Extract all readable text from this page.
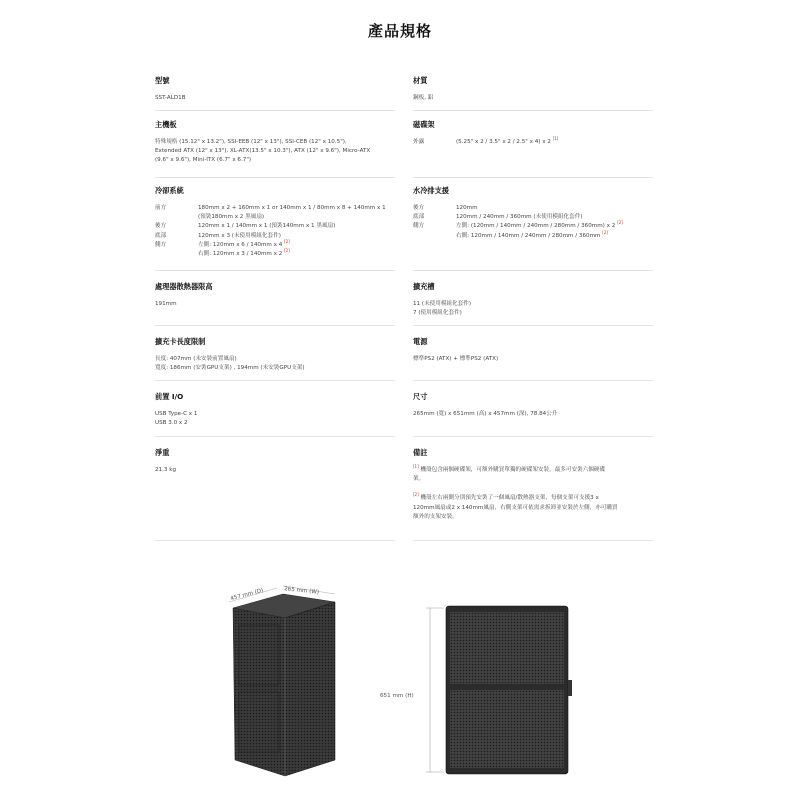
產品規格
型號
SST-ALD1B
主機板
特殊規格 (15.12" x 13.2"), SSI-EEB (12" x 13"), SSI-CEB (12" x 10.5"),
Extended ATX (12" x 13"), XL-ATX(13.5" x 10.3"), ATX (12" x 9.6"), Micro-ATX
(9.6" x 9.6"), Mini-ITX (6.7" x 6.7")
冷卻系統
前方	180mm x 2 + 160mm x 1 or 140mm x 1 / 80mm x 8 + 140mm x 1
(預裝180mm x 2 黑風扇)
後方	120mm x 1 / 140mm x 1 (預裝140mm x 1 黑風扇)
底部	120mm x 3 (未使用模組化套件)
側方	左側: 120mm x 6 / 140mm x 4 [2]
右側: 120mm x 3 / 140mm x 2 [2]
處理器散熱器限高
191mm
擴充卡長度限制
長度: 407mm (未安裝前置風扇)
寬度: 186mm (安裝GPU支架) , 194mm (未安裝GPU支架)
前置 I/O
USB Type-C x 1
USB 3.0 x 2
淨重
21.3 kg
材質
鋼板, 鋁
磁碟架
外露	(5.25" x 2 / 3.5" x 2 / 2.5" x 4) x 2 [1]
水冷排支援
後方	120mm
底部	120mm / 240mm / 360mm (未使用模組化套件)
側方	左側: (120mm / 140mm / 240mm / 280mm / 360mm) x 2 [2]
右側: 120mm / 140mm / 240mm / 280mm / 360mm [2]
擴充槽
11 (未使用模組化套件)
7 (使用模組化套件)
電源
標準PS2 (ATX) + 標準PS2 (ATX)
尺寸
265mm (寬) x 651mm (高) x 457mm (深), 78.84公升
備註
[1] 機殼包含兩個硬碟架，可額外購買單獨的硬碟架安裝，最多可安裝六個硬碟
架。
[2] 機殼左右兩側分別預先安裝了一個風扇/散熱器支架，每個支架可支援3 x
120mm風扇或2 x 140mm風扇，右側支架可依需求拆卸並安裝於左側，亦可購買
額外的支架安裝。
457 mm (D)	265 mm (W)
651 mm (H)
